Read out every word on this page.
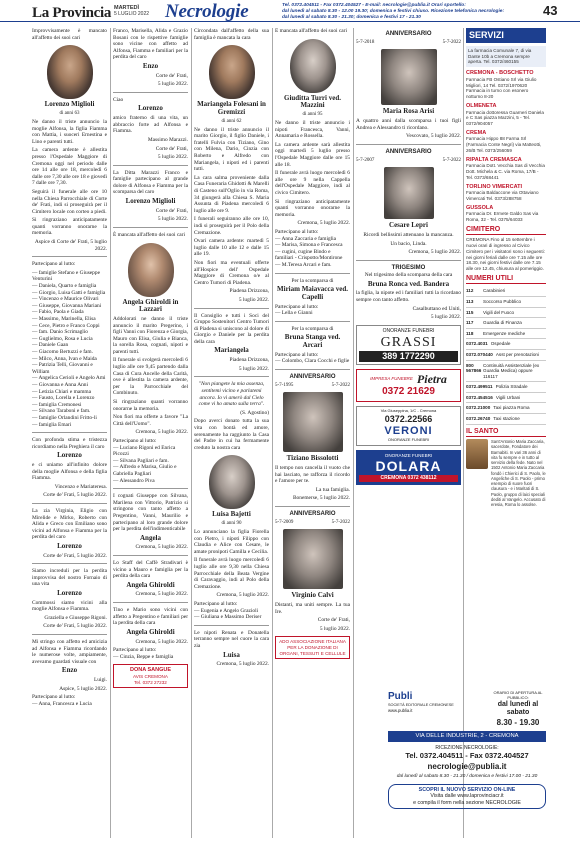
La Provincia MARTEDÌ
5 LUGLIO 2022 Necrologie	Tel. 0372.404511 - Fax 0372.404527 - E-mail: necrologie@publia.it Orari sportello:
dal lunedì al sabato 8.30 - 12.00 19.30; domenica e festivi chiuso. Ricezione telefonica necrologie:
dal lunedì al sabato 8.30 - 21.30; domenica e festivi 17 - 21.30	43

Improvvisamente è mancato all'affetto dei suoi cari

Lorenzo Miglioli
di anni 63

Ne danno il triste annuncio la moglie Alfonsa, la figlia Fiamma con Mattia, i suoceri Ernestina e Lino e parenti tutti.

La camera ardente è allestita presso l'Ospedale Maggiore di Cremona oggi nel periodo dalle ore 14 alle ore 18, mercoledì 6 dalle ore 7,30 alle ore 18 e giovedì 7 dalle ore 7,30.

Seguirà il funerale alle ore 10 nella Chiesa Parrocchiale di Corte de' Frati, indi si proseguirà per il Cimitero locale con corteo a piedi.

Si ringraziano anticipatamente quanti vorranno onorarne la memoria.

Aspice di Corte de' Frati, 5 luglio 2022.

Partecipano al lutto:

— famiglie Stefano e Giuseppe Venturini
— Daniela, Quarto e famiglia
— Giorgio, Luisa Gatti e famiglia
— Vincenzo e Maurice Olivari
— Giuseppe, Giovanna Mariani
— Fabio, Paola e Giada
— Massimo, Marinella, Elisa
— Cece, Pietro e Franco Coppi
— fam. Danio Scrimaglio
— Guglielmo, Rosa e Lucia
— Daniele Gaan
— Giacomo Bertuzzi e fam.
— Milco, Anna, Ivan e Maida
— Patrizia Telli, Giovanni e William
— Angelica Cerioli e Angelo Ami
— Giovanna e Anna Anni
— Letizia Chiari e mamma
— Fausto, Lorella e Lorenzo
— famiglia Cremonesi
— Silvano Taraboni e fam.
— famiglie Orlandini Fritto-li
— famiglia Emari

Con profonda stima e tristezza ricordiamo nella Preghiera il caro

Lorenzo

e ci uniamo all'infinito dolore della moglie Alfonsa e della figlia Fiamma.

Vincenzo e Mariateresa.

Corte de' Frati, 5 luglio 2022.

La zia Virginia, Eligio con Mirelide e Mirko, Roberto con Alida e Greco con Emiliano sono vicini ad Alfonsa e Fiamma per la perdita del caro

Lorenzo

Corte de' Frati, 5 luglio 2022.

Siamo increduli per la perdita improvvisa del nostro Fornaio di una vita

Lorenzo

Commossi siamo vicini alla moglie Alfonsa e Fiamma.

Graziella e Giuseppe Rigoni.

Corte de' Frati, 5 luglio 2022.

Mi stringo con affetto ed amicizia ad Alfonsa e Fiamma ricordando le numerose volte, ampiamente, avevamo guardati visuale con

Enzo

Luigi.

Aspice, 5 luglio 2022.

Partecipano al lutto:
— Anna, Francesca e Lucia

Franco, Marisella, Alida e Grazio Bosani con le rispettive famiglie sono vicine con affetto ad Alfonsa, Fiamma e familiari per la perdita del caro

Enzo

Corte de' Frati,

5 luglio 2022.

Ciao

Lorenzo

amico fraterno di una vita, un abbraccio forte ad Alfonsa e Fiamma.

Massimo Marazzi.

Corte de' Frati,

5 luglio 2022.

La Ditta Marazzi Franco e famiglie partecipano al grande dolore di Alfonsa e Fiamma per la scomparsa del caro

Lorenzo Miglioli

Corte de' Frati,

5 luglio 2022.

È mancata all'affetto dei suoi cari

Angela Ghiroldi in Lazzari

Addolorati ne danno il triste annuncio il marito Pregerino, i figli Vanni con Fiorenza e Giorgia, Mauro con Elisa, Giulia e Bianca, la sorella Rosa, cognati, nipoti e parenti tutti.

Il funerale si svolgerà mercoledì 6 luglio alle ore 9,45 partendo dalla Casa di Cura Ancelle della Carità, ove è allestita la camera ardente, per la Parrocchiale del Combinuto.

Si ringraziano quanti vorranno onorarne la memoria.

Non fiori ma offerte a favore "La Città dell'Uomo".

Cremona, 5 luglio 2022.

Partecipano al lutto:
— Luciano Rigoni ed Enrica Picozzi
— Silvana Pagliari e fam.
— Alfredo e Marisa, Giulio e Gabriella Pagliari
— Alessandro Piva

I cognati Giuseppe con Silvana, Marilena con Vittorio, Patrizio si stringono con tanto affetto a Pregentino, Vanni, Maurilio e partecipano al loro grande dolore per la perdita dell'indimenticabile

Angela

Cremona, 5 luglio 2022.

Lo Staff del Caffè Stradivari è vicino a Mauro e famiglia per la perdita della cara

Angela Ghiroldi

Cremona, 5 luglio 2022.

Tino e Mario sono vicini con affetto a Pregentino e familiari per la perdita della cara

Angela Ghiroldi

Cremona, 5 luglio 2022.

Partecipano al lutto:
— Cinzia, Beppe e famiglia

DONA SANGUE
AVIS CREMONA
Tel. 0372 27232

Circondata dall'affetto della sua famiglia è mancata la cara

Mariangela Folesani in Gremizzi
di anni 62

Ne danno il triste annuncio il marito Giorgio, il figlio Daniele, i fratelli Fulvia con Tiziano, Gino con Milena, Dario, Cinzia con Roberto e Alfredo con Mariangela, i nipoti ed i parenti tutti.

La cara salma proveniente dalla Casa Funeraria Ghidotti & Marelli di Casteno sull'Oglio in via Roma, 34 giungerà alla Chiesa S. Maria Assunta di Piadena mercoledì 6 luglio alle ore 9.

I funerali seguiranno alle ore 10, indi si proseguirà per il Polo della Cremazione.

Ovari camera ardente: martedì 5 luglio dalle 10 alle 12 e dalle 15 alle 19.

Non fiori ma eventuali offerte all'Hospice dell' Ospedale Maggiore di Cremona o/e al Centro Tumori di Piadena.

Piadena Drizzona,

5 luglio 2022.

Il Consiglio e tutti i Soci del Gruppo Sostenitori Centro Tumori di Piadena si uniscono al dolore di Giorgio e Daniele per la perdita della cara

Mariangela

Piadena Drizzona,

5 luglio 2022.

"Non piangete la mia assenza, sentitemi vicino e parlatemi ancora. Io vi amerò dal Cielo come vi ho amato sulla terra".

(S. Agostino)

Dopo averci donato tutta la sua vita con bontà ed amore, serenamente ha raggiunto la Casa del Padre in cui ha fermamente creduto la nostra cara

Luisa Bajetti
di anni 90

Lo annunciano la figlia Fiorella con Pietro, i nipoti Filippo con Claudia e Alice con Cesare, le amate pronipoti Camilla e Cecilia.

Il funerale avrà luogo mercoledì 6 luglio alle ore 9,30 nella Chiesa Parrocchiale della Beata Vergine di Caravaggio, indi al Polo della Cremazione.

Cremona, 5 luglio 2022.

Partecipano al lutto:
— Eugenia e Angelo Grazioli
— Giuliana e Massimo Deriser

Le nipoti Renata e Donatella terranno sempre nel cuore la cara zia

Luisa

Cremona, 5 luglio 2022.

È mancata all'affetto dei suoi cari

Giuditta Turri ved. Mazzini
di anni 95

Ne danno il triste annuncio i nipoti Francesca, Vanni, Annamaria e Rossella.

La camera ardente sarà allestita oggi martedì 5 luglio presso l'Ospedale Maggiore dalle ore 15 alle 18.

Il funerale avrà luogo mercoledì 6 alle ore 9 nella Cappella dell'Ospedale Maggiore, indi al civico Cimitero.

Si ringraziano anticipatamente quanti vorranno onorarne la memoria.

Cremona, 5 luglio 2022.

Partecipano al lutto:
— Anna Zaccaria e famiglia
— Marisa, Simona e Francesca
— cugini, cugine Bindo e familiari - Crispotto/Montirone
— M.Teresa Arcari e fam.

Per la scomparsa di

Miriam Maiavacca ved. Capelli

Partecipano al lutto:
— Lella e Gianni

Per la scomparsa di

Bruna Stanga ved. Arcari

Partecipano al lutto:
— Colombo, Clara Cocchi e figlie

ANNIVERSARIO
5-7-1995	5-7-2022
Tiziano Bissolotti

Il tempo non cancella il vuoto che hai lasciato, ne rafforza il ricordo e l'amore per te.

La tua famiglia.

Bonemerse, 5 luglio 2022.

ANNIVERSARIO
5-7-2009	5-7-2022
Virginio Calvi

Distanti, ma uniti sempre. La tua Ire.

Corte de' Frati,

5 luglio 2022.

ADO ASSOCIAZIONE ITALIANA PER LA DONAZIONE DI ORGANI, TESSUTI E CELLULE
ANNIVERSARIO
5-7-2018	5-7-2022
Maria Rosa Arisi

A quattro anni dalla scomparsa i tuoi figli Andrea e Alessandro ti ricordano.

Vescovato, 5 luglio 2022.

ANNIVERSARIO
5-7-2007	5-7-2022
Cesare Lepri

Ricordi bellissimi attenuano la mancanza.

Un bacio, Linda.

Cremona, 5 luglio 2022.

TRIGESIMO

Nel trigesimo della scomparsa della cara

Bruna Ronca ved. Bandera

la figlia, la nipote ed i familiari tutti la ricordano sempre con tanto affetto.

Casalbuttano ed Uniti,

5 luglio 2022.

ONORANZE FUNEBRI
GRASSI
389 1772290
IMPRESA FUNEBRE Pietra
0372 21629
Via Giuseppina, 1/C - Cremona
0372.22566
VERONI
ONORANZE FUNEBRI
ONORANZE FUNEBRI
DOLARA
CREMONA 0372 438112
SERVIZI
La farmacia Comunale 7, di via Dante 10b a Cremona sempre aperta. Tel. 0372/460155
CREMONA - BOSCHETTO
Farmacia FB Ostiano Srl via Giulio Migliori, 14 Tel. 0372/1970620 Farmacia in turno con esonero notturno 8-20
OLMENETA
Farmacia dottoressa Guarneri Daniela e C Sas piazza Mazzini, 5 - Tel. 0372/904057
CREMA
Farmacia Hippo 88 Farma Srl (Farmacia Conte Negri) via Matteotti, 26/B Tel. 0373/256059
RIPALTA CREMASCA
Farmacia Dott. Vecchia Sas di Vecchia Dott. Michela & C. via Roma, 17/B - Tel. 0373/68441
TORLINO VIMERCATI
Farmacia Baldaccone via Ottaviano Vimercati Tel. 0373/288758
GUSSOLA
Farmacia Dr. Ermete Galdo Sas via Roma, 32 - Tel. 0375/64033
CIMITERO
CREMONA Fino al 15 settembre i nuovi orari di ingresso al Civico Cimitero per i visitatori sono i seguenti: nei giorni feriali dalle ore 7.15 alle ore 18.30, nei giorni festivi dalle ore 7.15 alle ore 12.45, chiusura al pomeriggio.
NUMERI UTILI
112	Carabinieri
113	Soccorso Pubblico
115	Vigili del Fuoco
117	Guardia di Finanza
118	Emergenze mediche
0372.4031 Ospedale
0372.070440 Asst per prenotazioni
800 567866
Continuità Assistenziale (ex Guardia Medica) oppure 116117
0372.499511 Polizia Stradale
0372.454516 Vigili Urbani
0372.21000 Taxi piazza Roma
0372.26740 Taxi stazione
IL SANTO
Sant'Antonio Maria Zaccaria, sacerdote, Fondatore dei Barnabiti. In vari 36 anni di vita fu sempre e in tutto al servizio della fede. Nato nel 1502 Antonio Maria Zaccaria fondò i Chierici di S. Paolo, le Angeliche di S. Paolo - primo esempio di suore fuori clausura - e i Maritati di S. Paolo, gruppo di laici speciali dediti al Vangelo. Accusato di eresia, Roma lo assolse.
Publi
SOCIETÀ EDITORIALE CREMONESE
www.publia.it
ORARIO DI APERTURA AL PUBBLICO:
dal lunedì al sabato
8.30 - 19.30
VIA DELLE INDUSTRIE, 2 - CREMONA
RICEZIONE NECROLOGIE:
Tel. 0372.404511 - Fax 0372.404527
necrologie@publia.it
dal lunedì al sabato 8.30 - 21.30 / domenica e festivi 17.00 - 21.30
SCOPRI IL NUOVO SERVIZIO ON-LINE
Visita dalle www.laprovinciacr.it
e compila il form nella sezione NECROLOGIE
